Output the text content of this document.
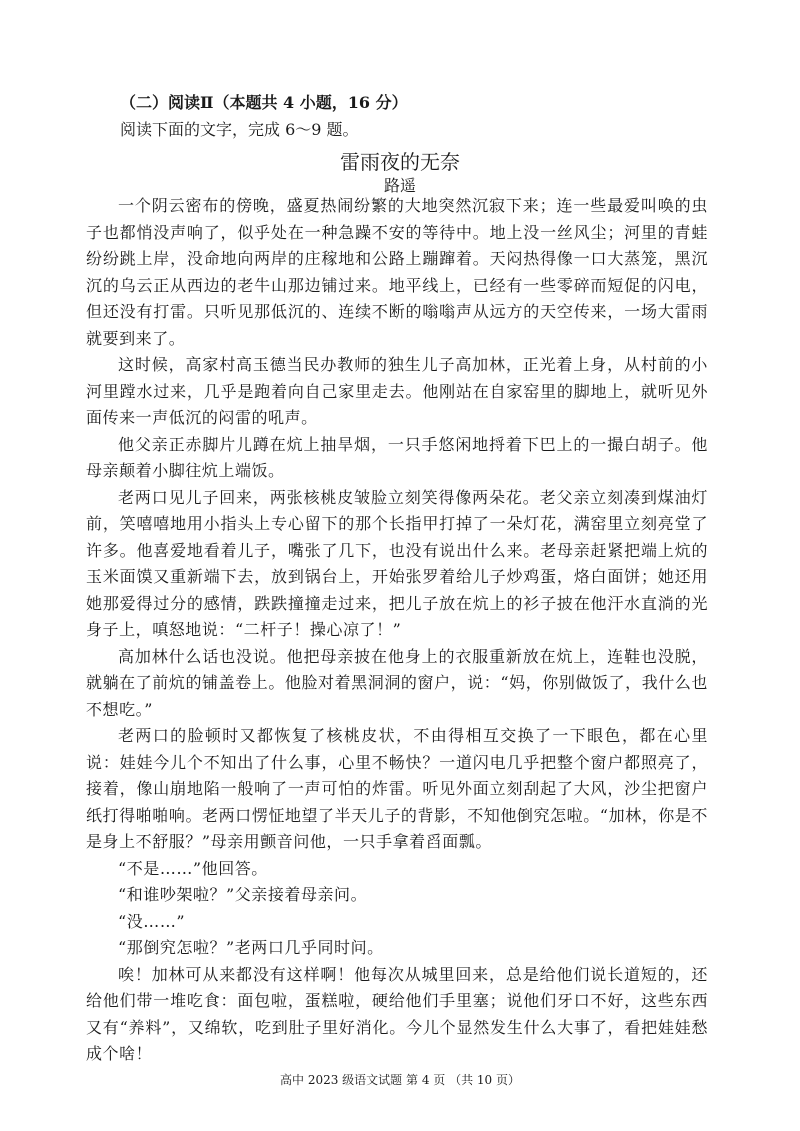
（二）阅读Ⅱ（本题共 4 小题，16 分）
阅读下面的文字，完成 6～9 题。
雷雨夜的无奈
路遥

一个阴云密布的傍晚，盛夏热闹纷繁的大地突然沉寂下来；连一些最爱叫唤的虫子也都悄没声响了，似乎处在一种急躁不安的等待中。地上没一丝风尘；河里的青蛙纷纷跳上岸，没命地向两岸的庄稼地和公路上蹦蹿着。天闷热得像一口大蒸笼，黑沉沉的乌云正从西边的老牛山那边铺过来。地平线上，已经有一些零碎而短促的闪电，但还没有打雷。只听见那低沉的、连续不断的嗡嗡声从远方的天空传来，一场大雷雨就要到来了。

这时候，高家村高玉德当民办教师的独生儿子高加林，正光着上身，从村前的小河里蹚水过来，几乎是跑着向自己家里走去。他刚站在自家窑里的脚地上，就听见外面传来一声低沉的闷雷的吼声。

他父亲正赤脚片儿蹲在炕上抽旱烟，一只手悠闲地捋着下巴上的一撮白胡子。他母亲颠着小脚往炕上端饭。

老两口见儿子回来，两张核桃皮皱脸立刻笑得像两朵花。老父亲立刻凑到煤油灯前，笑嘻嘻地用小指头上专心留下的那个长指甲打掉了一朵灯花，满窑里立刻亮堂了许多。他喜爱地看着儿子，嘴张了几下，也没有说出什么来。老母亲赶紧把端上炕的玉米面馍又重新端下去，放到锅台上，开始张罗着给儿子炒鸡蛋，烙白面饼；她还用她那爱得过分的感情，跌跌撞撞走过来，把儿子放在炕上的衫子披在他汗水直淌的光身子上，嗔怒地说：“二杆子！操心凉了！”

高加林什么话也没说。他把母亲披在他身上的衣服重新放在炕上，连鞋也没脱，就躺在了前炕的铺盖卷上。他脸对着黑洞洞的窗户，说：“妈，你别做饭了，我什么也不想吃。”

老两口的脸顿时又都恢复了核桃皮状，不由得相互交换了一下眼色，都在心里说：娃娃今儿个不知出了什么事，心里不畅快？一道闪电几乎把整个窗户都照亮了，接着，像山崩地陷一般响了一声可怕的炸雷。听见外面立刻刮起了大风，沙尘把窗户纸打得啪啪响。老两口愣怔地望了半天儿子的背影，不知他倒究怎啦。“加林，你是不是身上不舒服？”母亲用颤音问他，一只手拿着舀面瓢。

“不是……”他回答。

“和谁吵架啦？”父亲接着母亲问。

“没……”

“那倒究怎啦？”老两口几乎同时问。

唉！加林可从来都没有这样啊！他每次从城里回来，总是给他们说长道短的，还给他们带一堆吃食：面包啦，蛋糕啦，硬给他们手里塞；说他们牙口不好，这些东西又有“养料”，又绵软，吃到肚子里好消化。今儿个显然发生什么大事了，看把娃娃愁成个啥！

高中 2023 级语文试题 第 4 页 （共 10 页）
